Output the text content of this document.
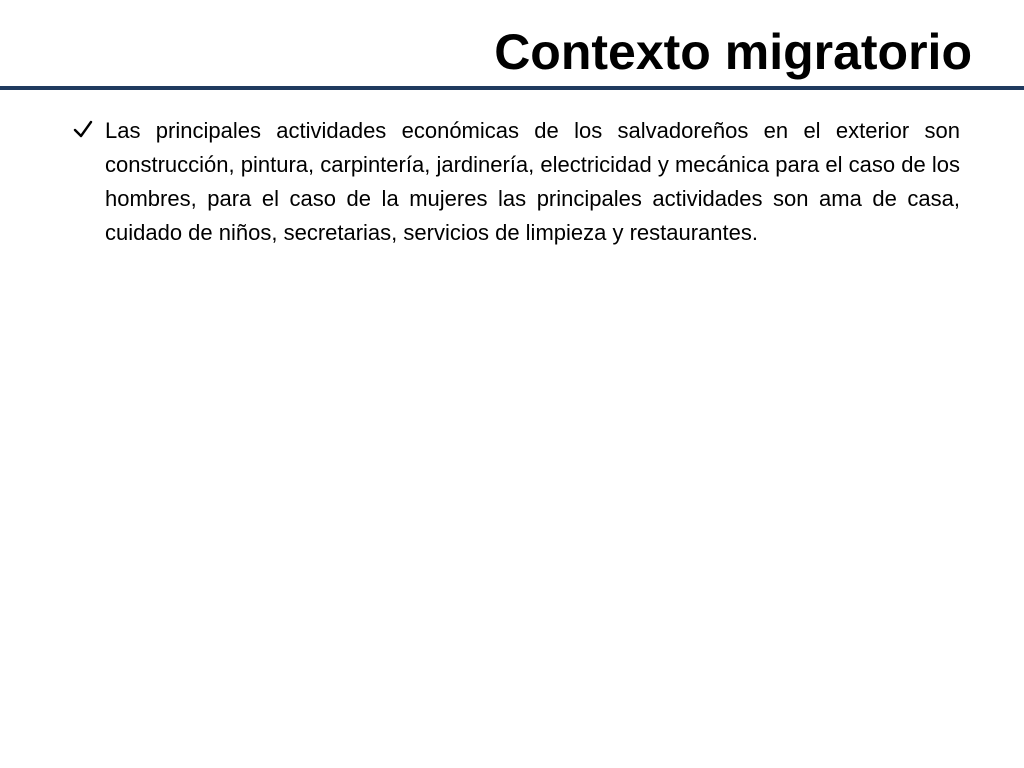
Contexto migratorio

Las principales actividades económicas de los salvadoreños en el exterior son construcción, pintura, carpintería, jardinería, electricidad y mecánica para el caso de los hombres, para el caso de la mujeres las principales actividades son ama de casa, cuidado de niños, secretarias, servicios de limpieza y restaurantes.
